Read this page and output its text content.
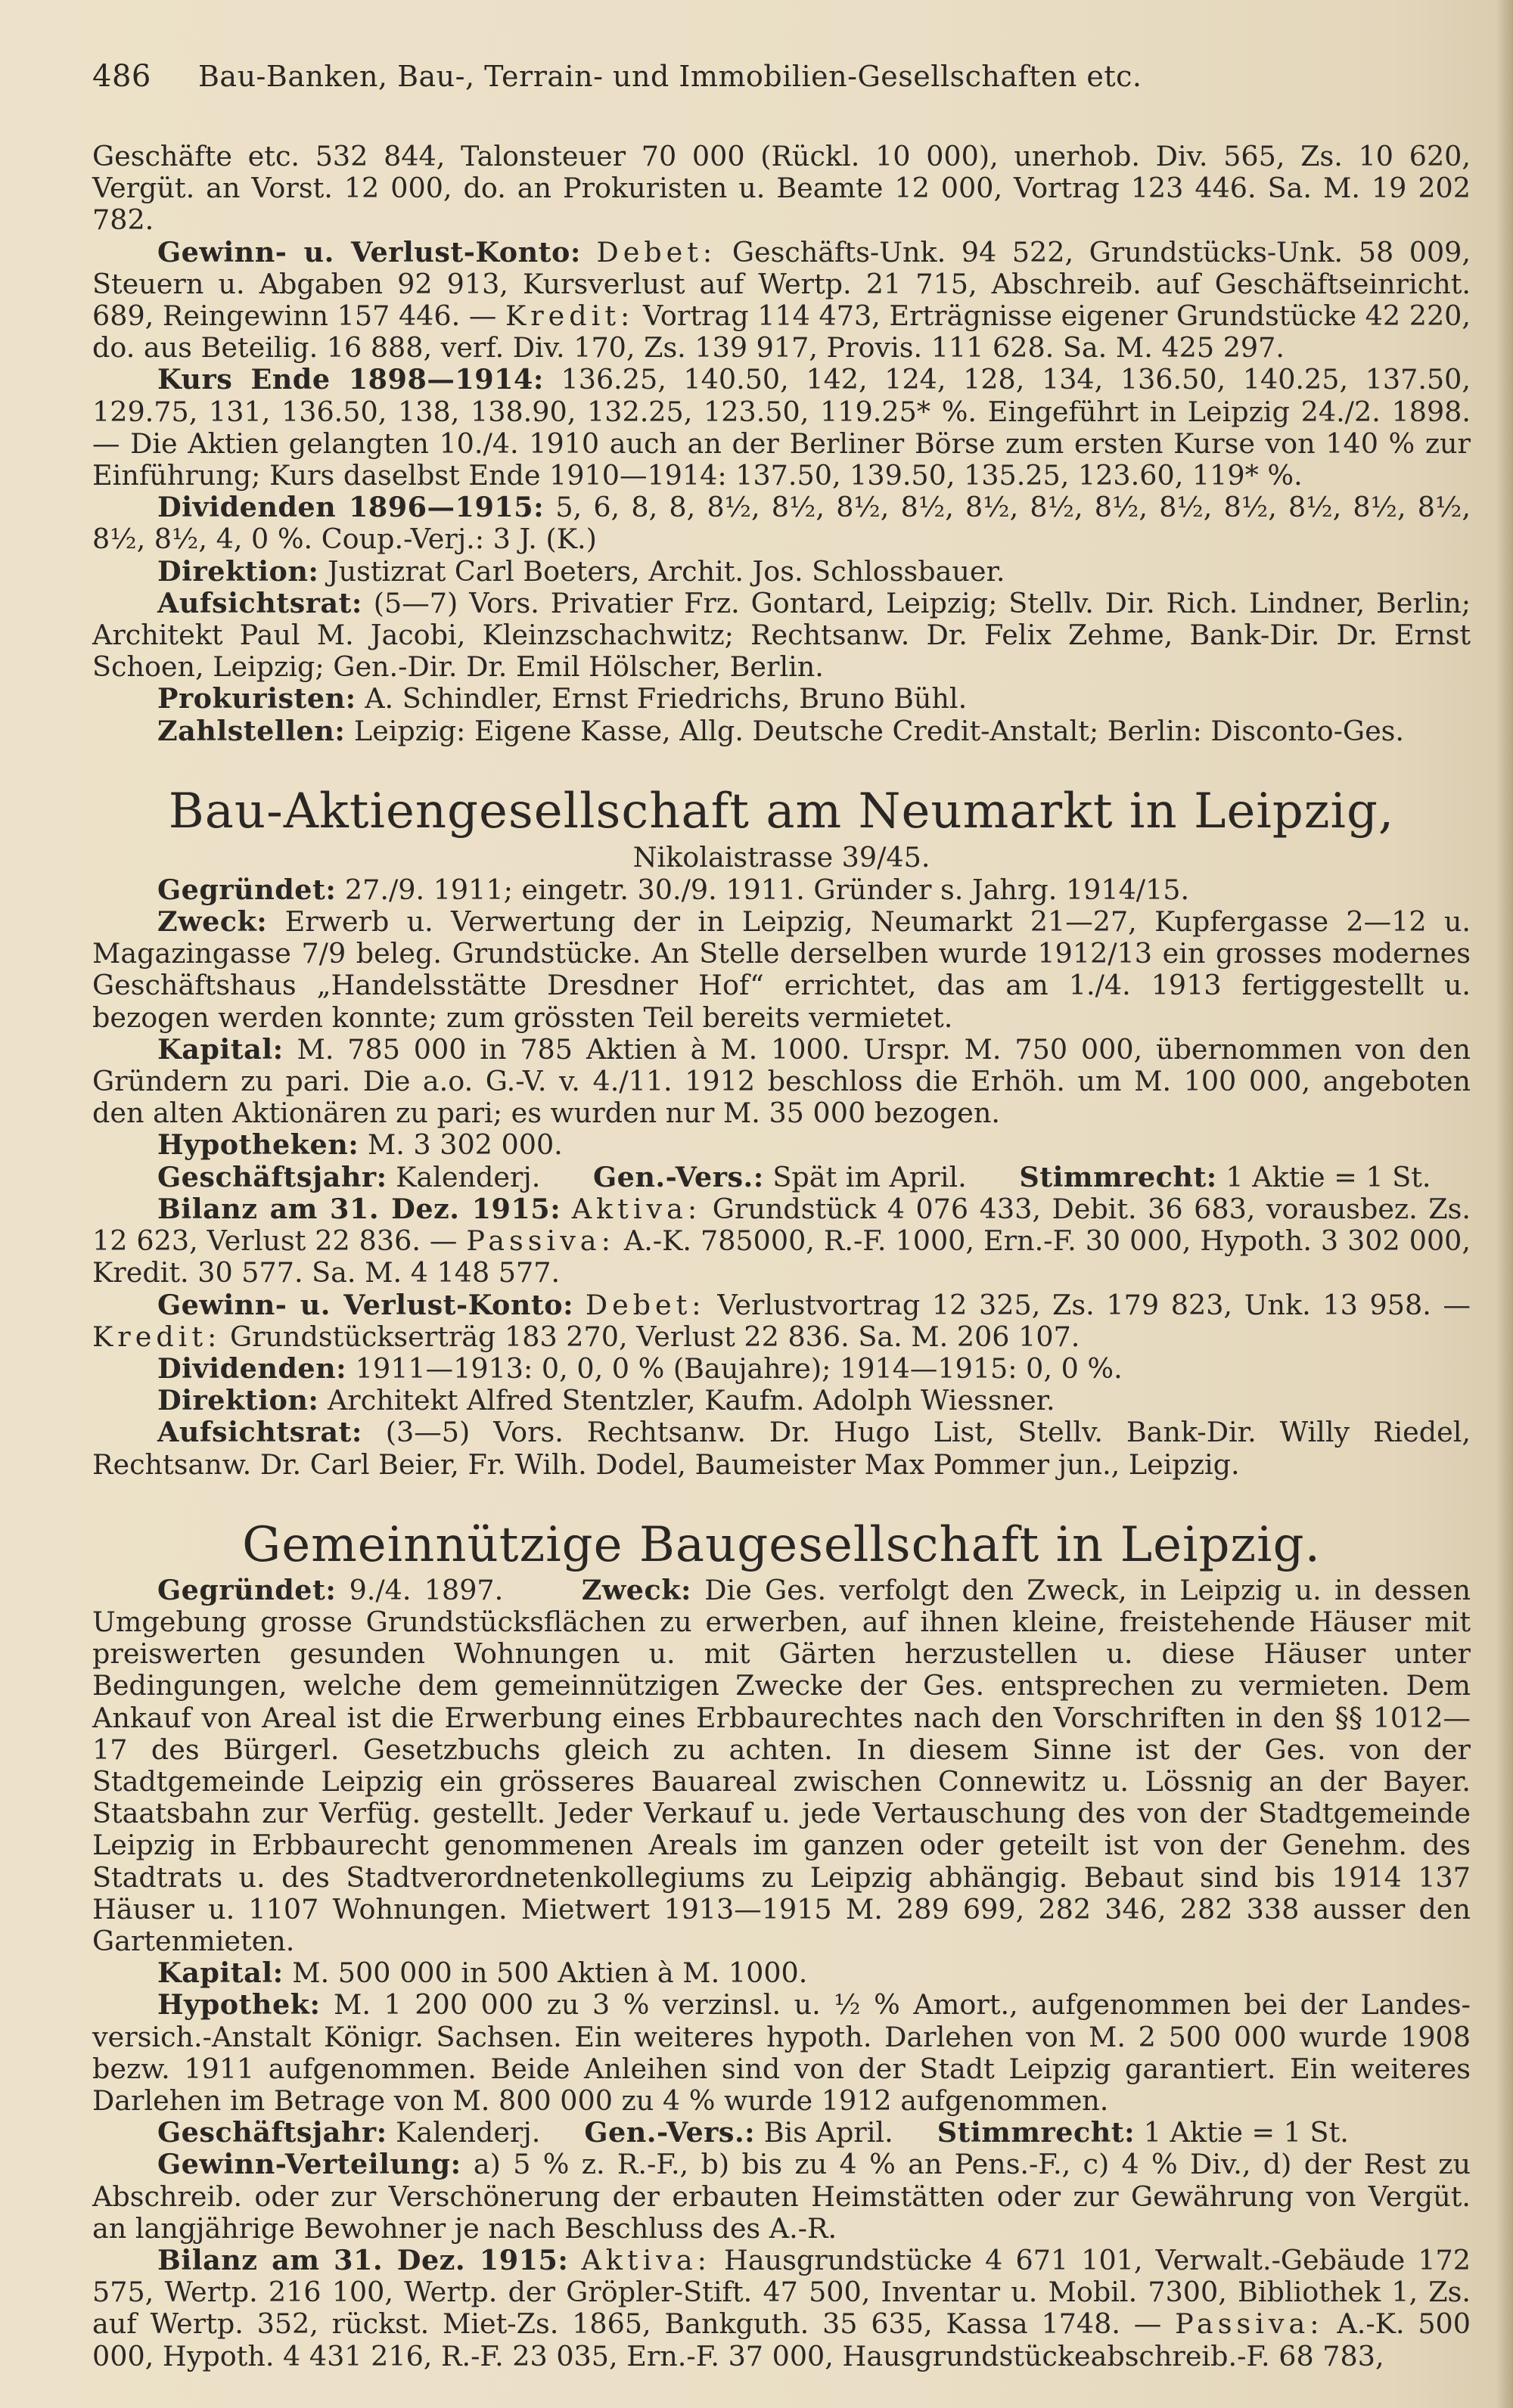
486	Bau-Banken, Bau-, Terrain- und Immobilien-Gesellschaften etc.

Geschäfte etc. 532 844, Talonsteuer 70 000 (Rückl. 10 000), unerhob. Div. 565, Zs. 10 620, Vergüt. an Vorst. 12 000, do. an Prokuristen u. Beamte 12 000, Vortrag 123 446. Sa. M. 19 202 782.

Gewinn- u. Verlust-Konto: Debet: Geschäfts-Unk. 94 522, Grundstücks-Unk. 58 009, Steuern u. Abgaben 92 913, Kursverlust auf Wertp. 21 715, Abschreib. auf Geschäftseinricht. 689, Reingewinn 157 446. — Kredit: Vortrag 114 473, Erträgnisse eigener Grundstücke 42 220, do. aus Beteilig. 16 888, verf. Div. 170, Zs. 139 917, Provis. 111 628. Sa. M. 425 297.

Kurs Ende 1898—1914: 136.25, 140.50, 142, 124, 128, 134, 136.50, 140.25, 137.50, 129.75, 131, 136.50, 138, 138.90, 132.25, 123.50, 119.25* %. Eingeführt in Leipzig 24./2. 1898. — Die Aktien gelangten 10./4. 1910 auch an der Berliner Börse zum ersten Kurse von 140 % zur Einführung; Kurs daselbst Ende 1910—1914: 137.50, 139.50, 135.25, 123.60, 119* %.

Dividenden 1896—1915: 5, 6, 8, 8, 8½, 8½, 8½, 8½, 8½, 8½, 8½, 8½, 8½, 8½, 8½, 8½, 8½, 8½, 4, 0 %. Coup.-Verj.: 3 J. (K.)

Direktion: Justizrat Carl Boeters, Archit. Jos. Schlossbauer.

Aufsichtsrat: (5—7) Vors. Privatier Frz. Gontard, Leipzig; Stellv. Dir. Rich. Lindner, Berlin; Architekt Paul M. Jacobi, Kleinzschachwitz; Rechtsanw. Dr. Felix Zehme, Bank-Dir. Dr. Ernst Schoen, Leipzig; Gen.-Dir. Dr. Emil Hölscher, Berlin.

Prokuristen: A. Schindler, Ernst Friedrichs, Bruno Bühl.

Zahlstellen: Leipzig: Eigene Kasse, Allg. Deutsche Credit-Anstalt; Berlin: Disconto-Ges.

Bau-Aktiengesellschaft am Neumarkt in Leipzig,

Nikolaistrasse 39/45.

Gegründet: 27./9. 1911; eingetr. 30./9. 1911. Gründer s. Jahrg. 1914/15.

Zweck: Erwerb u. Verwertung der in Leipzig, Neumarkt 21—27, Kupfergasse 2—12 u. Magazingasse 7/9 beleg. Grundstücke. An Stelle derselben wurde 1912/13 ein grosses modernes Geschäftshaus „Handelsstätte Dresdner Hof“ errichtet, das am 1./4. 1913 fertiggestellt u. bezogen werden konnte; zum grössten Teil bereits vermietet.

Kapital: M. 785 000 in 785 Aktien à M. 1000. Urspr. M. 750 000, übernommen von den Gründern zu pari. Die a.o. G.-V. v. 4./11. 1912 beschloss die Erhöh. um M. 100 000, angeboten den alten Aktionären zu pari; es wurden nur M. 35 000 bezogen.

Hypotheken: M. 3 302 000.

Geschäftsjahr: Kalenderj. Gen.-Vers.: Spät im April. Stimmrecht: 1 Aktie = 1 St.

Bilanz am 31. Dez. 1915: Aktiva: Grundstück 4 076 433, Debit. 36 683, vorausbez. Zs. 12 623, Verlust 22 836. — Passiva: A.-K. 785000, R.-F. 1000, Ern.-F. 30 000, Hypoth. 3 302 000, Kredit. 30 577. Sa. M. 4 148 577.

Gewinn- u. Verlust-Konto: Debet: Verlustvortrag 12 325, Zs. 179 823, Unk. 13 958. — Kredit: Grundstückserträg 183 270, Verlust 22 836. Sa. M. 206 107.

Dividenden: 1911—1913: 0, 0, 0 % (Baujahre); 1914—1915: 0, 0 %.

Direktion: Architekt Alfred Stentzler, Kaufm. Adolph Wiessner.

Aufsichtsrat: (3—5) Vors. Rechtsanw. Dr. Hugo List, Stellv. Bank-Dir. Willy Riedel, Rechtsanw. Dr. Carl Beier, Fr. Wilh. Dodel, Baumeister Max Pommer jun., Leipzig.

Gemeinnützige Baugesellschaft in Leipzig.

Gegründet: 9./4. 1897.	Zweck: Die Ges. verfolgt den Zweck, in Leipzig u. in dessen Umgebung grosse Grundstücksflächen zu erwerben, auf ihnen kleine, freistehende Häuser mit preiswerten gesunden Wohnungen u. mit Gärten herzustellen u. diese Häuser unter Bedingungen, welche dem gemeinnützigen Zwecke der Ges. entsprechen zu vermieten. Dem Ankauf von Areal ist die Erwerbung eines Erbbaurechtes nach den Vorschriften in den §§ 1012—17 des Bürgerl. Gesetzbuchs gleich zu achten. In diesem Sinne ist der Ges. von der Stadtgemeinde Leipzig ein grösseres Bauareal zwischen Connewitz u. Lössnig an der Bayer. Staatsbahn zur Verfüg. gestellt. Jeder Verkauf u. jede Vertauschung des von der Stadtgemeinde Leipzig in Erbbaurecht genommenen Areals im ganzen oder geteilt ist von der Genehm. des Stadtrats u. des Stadtverordnetenkollegiums zu Leipzig abhängig. Bebaut sind bis 1914 137 Häuser u. 1107 Wohnungen. Mietwert 1913—1915 M. 289 699, 282 346, 282 338 ausser den Gartenmieten.

Kapital: M. 500 000 in 500 Aktien à M. 1000.

Hypothek: M. 1 200 000 zu 3 % verzinsl. u. ½ % Amort., aufgenommen bei der Landes-versich.-Anstalt Königr. Sachsen. Ein weiteres hypoth. Darlehen von M. 2 500 000 wurde 1908 bezw. 1911 aufgenommen. Beide Anleihen sind von der Stadt Leipzig garantiert. Ein weiteres Darlehen im Betrage von M. 800 000 zu 4 % wurde 1912 aufgenommen.

Geschäftsjahr: Kalenderj. Gen.-Vers.: Bis April. Stimmrecht: 1 Aktie = 1 St.

Gewinn-Verteilung: a) 5 % z. R.-F., b) bis zu 4 % an Pens.-F., c) 4 % Div., d) der Rest zu Abschreib. oder zur Verschönerung der erbauten Heimstätten oder zur Gewährung von Vergüt. an langjährige Bewohner je nach Beschluss des A.-R.

Bilanz am 31. Dez. 1915: Aktiva: Hausgrundstücke 4 671 101, Verwalt.-Gebäude 172 575, Wertp. 216 100, Wertp. der Gröpler-Stift. 47 500, Inventar u. Mobil. 7300, Bibliothek 1, Zs. auf Wertp. 352, rückst. Miet-Zs. 1865, Bankguth. 35 635, Kassa 1748. — Passiva: A.-K. 500 000, Hypoth. 4 431 216, R.-F. 23 035, Ern.-F. 37 000, Hausgrundstückeabschreib.-F. 68 783,
